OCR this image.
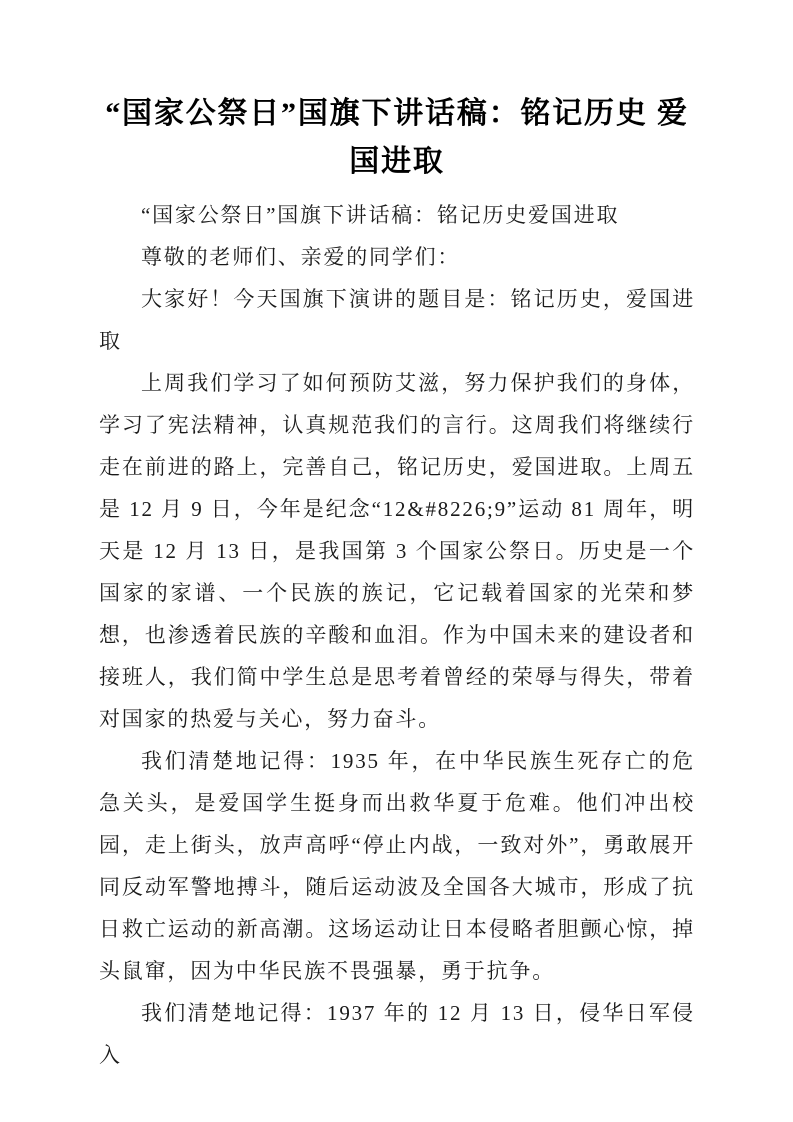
“国家公祭日”国旗下讲话稿：铭记历史 爱国进取

“国家公祭日”国旗下讲话稿：铭记历史爱国进取

尊敬的老师们、亲爱的同学们：

大家好！今天国旗下演讲的题目是：铭记历史，爱国进取

上周我们学习了如何预防艾滋，努力保护我们的身体，学习了宪法精神，认真规范我们的言行。这周我们将继续行走在前进的路上，完善自己，铭记历史，爱国进取。上周五是 12 月 9 日，今年是纪念“12&#8226;9”运动 81 周年，明天是 12 月 13 日，是我国第 3 个国家公祭日。历史是一个国家的家谱、一个民族的族记，它记载着国家的光荣和梦想，也渗透着民族的辛酸和血泪。作为中国未来的建设者和接班人，我们简中学生总是思考着曾经的荣辱与得失，带着对国家的热爱与关心，努力奋斗。

我们清楚地记得：1935 年，在中华民族生死存亡的危急关头，是爱国学生挺身而出救华夏于危难。他们冲出校园，走上街头，放声高呼“停止内战，一致对外”，勇敢展开同反动军警地搏斗，随后运动波及全国各大城市，形成了抗日救亡运动的新高潮。这场运动让日本侵略者胆颤心惊，掉头鼠窜，因为中华民族不畏强暴，勇于抗争。

我们清楚地记得：1937 年的 12 月 13 日，侵华日军侵入
